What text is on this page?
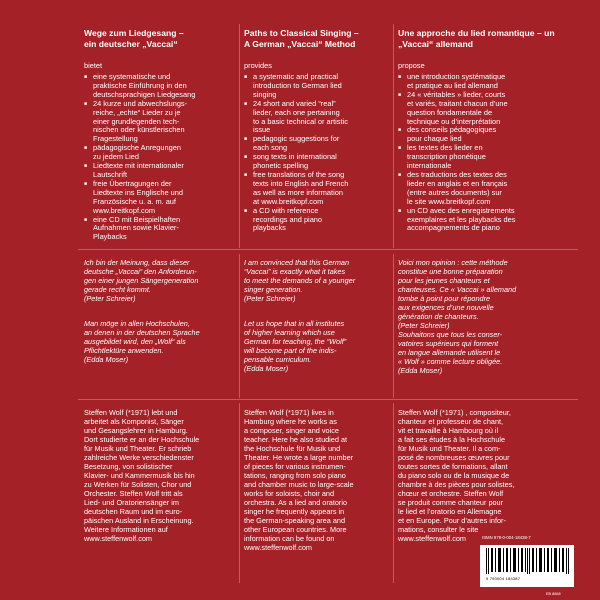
Wege zum Liedgesang –
ein deutscher „Vaccai“
bietet
■ eine systematische und
praktische Einführung in den
deutschsprachigen Liedgesang
■ 24 kurze und abwechslungs-
reiche, „echte“ Lieder zu je
einer grundlegenden tech-
nischen oder künstlerischen
Fragestellung
■ pädagogische Anregungen
zu jedem Lied
■ Liedtexte mit internationaler
Lautschrift
■ freie Übertragungen der
Liedtexte ins Englische und
Französische u. a. m. auf
www.breitkopf.com
■ eine CD mit Beispielhaften
Aufnahmen sowie Klavier-
Playbacks
Ich bin der Meinung, dass dieser
deutsche „Vaccai“ den Anforderun-
gen einer jungen Sängergeneration
gerade recht kommt.
(Peter Schreier)
Man möge in allen Hochschulen,
an denen in der deutschen Sprache
ausgebildet wird, den „Wolf“ als
Pflichtlektüre anwenden.
(Edda Moser)
Steffen Wolf (*1971) lebt und
arbeitet als Komponist, Sänger
und Gesangslehrer in Hamburg.
Dort studierte er an der Hochschule
für Musik und Theater. Er schrieb
zahlreiche Werke verschiedenster
Besetzung, von solistischer
Klavier- und Kammermusik bis hin
zu Werken für Solisten, Chor und
Orchester. Steffen Wolf tritt als
Lied- und Oratoriensänger im
deutschen Raum und im euro-
päischen Ausland in Erscheinung.
Weitere Informationen auf
www.steffenwolf.com
Paths to Classical Singing –
A German „Vaccai“ Method
provides
■ a systematic and practical
introduction to German lied
singing
■ 24 short and varied “real”
lieder, each one pertaining
to a basic technical or artistic
issue
■ pedagogic suggestions for
each song
■ song texts in international
phonetic spelling
■ free translations of the song
texts into English and French
as well as more information
at www.breitkopf.com
■ a CD with reference
recordings and piano
playbacks
I am convinced that this German
“Vaccai” is exactly what it takes
to meet the demands of a younger
singer generation.
(Peter Schreier)
Let us hope that in all institutes
of higher learning which use
German for teaching, the “Wolf”
will become part of the indis-
pensable curriculum.
(Edda Moser)
Steffen Wolf (*1971) lives in
Hamburg where he works as
a composer, singer and voice
teacher. Here he also studied at
the Hochschule für Musik und
Theater. He wrote a large number
of pieces for various instrumen-
tations, ranging from solo piano
and chamber music to large-scale
works for soloists, choir and
orchestra. As a lied and oratorio
singer he frequently appears in
the German-speaking area and
other European countries. More
information can be found on
www.steffenwolf.com
Une approche du lied romantique – un „Vaccai“ allemand
propose
■ une introduction systématique
et pratique au lied allemand
■ 24 « véritables » lieder, courts
et variés, traitant chacun d’une
question fondamentale de
technique ou d’interprétation
■ des conseils pédagogiques
pour chaque lied
■ les textes des lieder en
transcription phonétique
internationale
■ des traductions des textes des
lieder en anglais et en français
(entre autres documents) sur
le site www.breitkopf.com
■ un CD avec des enregistrements
exemplaires et les playbacks des
accompagnements de piano
Voici mon opinion : cette méthode
constitue une bonne préparation
pour les jeunes chanteurs et
chanteuses. Ce « Vaccai » allemand
tombe à point pour répondre
aux exigences d’une nouvelle
génération de chanteurs.
(Peter Schreier)
Souhaitons que tous les conser-
vatoires supérieurs qui forment
en langue allemande utilisent le
« Wolf » comme lecture obligée.
(Edda Moser)
Steffen Wolf (*1971) , compositeur,
chanteur et professeur de chant,
vit et travaille à Hambourg où il
a fait ses études à la Hochschule
für Musik und Theater. Il a com-
posé de nombreuses œuvres pour
toutes sortes de formations, allant
du piano solo ou de la musique de
chambre à des pièces pour solistes,
chœur et orchestre. Steffen Wolf
se produit comme chanteur pour
le lied et l’oratorio en Allemagne
et en Europe. Pour d’autres infor-
mations, consulter le site
www.steffenwolf.com	ISMN 979-0-004-18438-7
9 790004 184387
EB 8868
